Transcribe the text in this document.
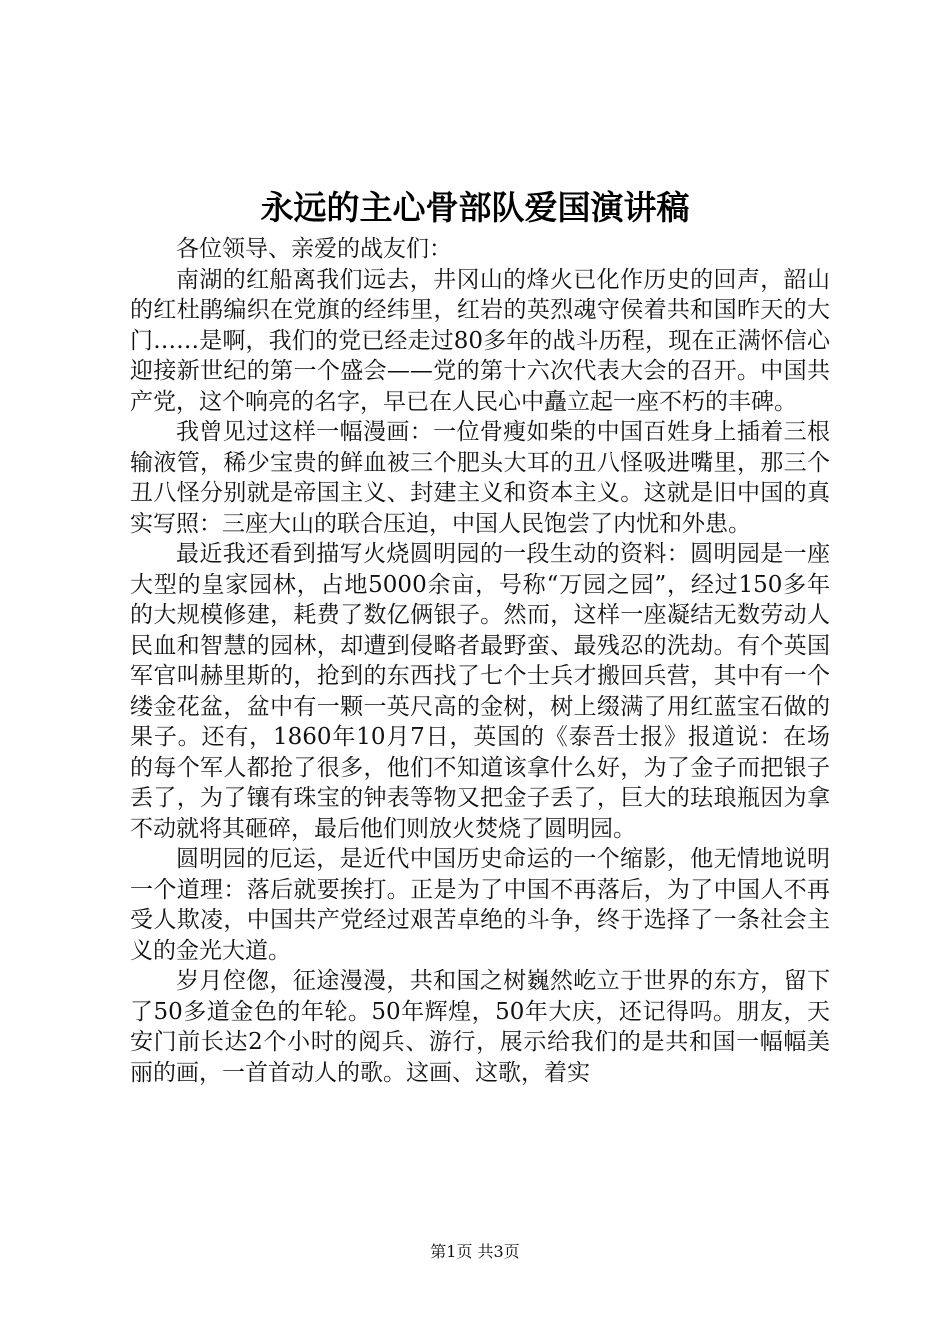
永远的主心骨部队爱国演讲稿

各位领导、亲爱的战友们：

南湖的红船离我们远去，井冈山的烽火已化作历史的回声，韶山的红杜鹃编织在党旗的经纬里，红岩的英烈魂守侯着共和国昨天的大门……是啊，我们的党已经走过80多年的战斗历程，现在正满怀信心迎接新世纪的第一个盛会——党的第十六次代表大会的召开。中国共产党，这个响亮的名字，早已在人民心中矗立起一座不朽的丰碑。

我曾见过这样一幅漫画：一位骨瘦如柴的中国百姓身上插着三根输液管，稀少宝贵的鲜血被三个肥头大耳的丑八怪吸进嘴里，那三个丑八怪分别就是帝国主义、封建主义和资本主义。这就是旧中国的真实写照：三座大山的联合压迫，中国人民饱尝了内忧和外患。

最近我还看到描写火烧圆明园的一段生动的资料：圆明园是一座大型的皇家园林，占地5000余亩，号称“万园之园”，经过150多年的大规模修建，耗费了数亿俩银子。然而，这样一座凝结无数劳动人民血和智慧的园林，却遭到侵略者最野蛮、最残忍的洗劫。有个英国军官叫赫里斯的，抢到的东西找了七个士兵才搬回兵营，其中有一个缕金花盆，盆中有一颗一英尺高的金树，树上缀满了用红蓝宝石做的果子。还有，1860年10月7日，英国的《泰吾士报》报道说：在场的每个军人都抢了很多，他们不知道该拿什么好，为了金子而把银子丢了，为了镶有珠宝的钟表等物又把金子丢了，巨大的珐琅瓶因为拿不动就将其砸碎，最后他们则放火焚烧了圆明园。

圆明园的厄运，是近代中国历史命运的一个缩影，他无情地说明一个道理：落后就要挨打。正是为了中国不再落后，为了中国人不再受人欺凌，中国共产党经过艰苦卓绝的斗争，终于选择了一条社会主义的金光大道。

岁月倥偬，征途漫漫，共和国之树巍然屹立于世界的东方，留下了50多道金色的年轮。50年辉煌，50年大庆，还记得吗。朋友，天安门前长达2个小时的阅兵、游行，展示给我们的是共和国一幅幅美丽的画，一首首动人的歌。这画、这歌，着实

第1页 共3页
